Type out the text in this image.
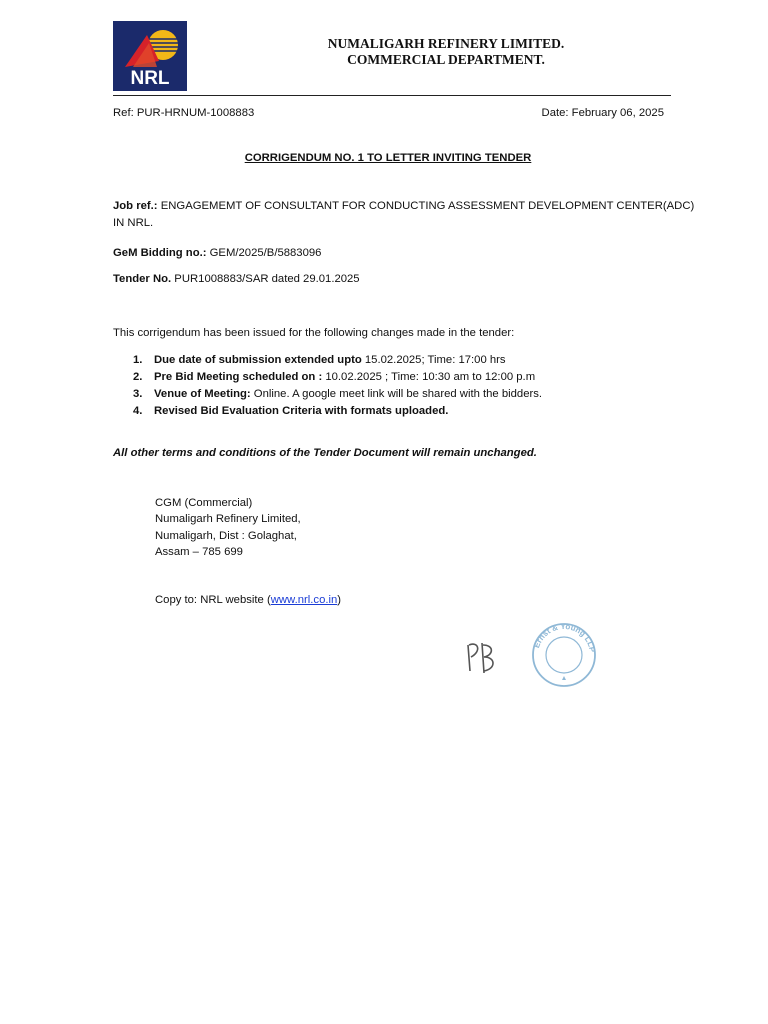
NRL
NUMALIGARH REFINERY LIMITED.
COMMERCIAL DEPARTMENT.
Ref: PUR-HRNUM-1008883	Date: February 06, 2025
CORRIGENDUM NO. 1 TO LETTER INVITING TENDER
Job ref.: ENGAGEMEMT OF CONSULTANT FOR CONDUCTING ASSESSMENT DEVELOPMENT CENTER(ADC)
IN NRL.
GeM Bidding no.: GEM/2025/B/5883096
Tender No. PUR1008883/SAR dated 29.01.2025
This corrigendum has been issued for the following changes made in the tender:
1. Due date of submission extended upto 15.02.2025; Time: 17:00 hrs
2. Pre Bid Meeting scheduled on : 10.02.2025 ; Time: 10:30 am to 12:00 p.m
3. Venue of Meeting: Online. A google meet link will be shared with the bidders.
4. Revised Bid Evaluation Criteria with formats uploaded.
All other terms and conditions of the Tender Document will remain unchanged.
CGM (Commercial)
Numaligarh Refinery Limited,
Numaligarh, Dist : Golaghat,
Assam – 785 699
Copy to: NRL website (www.nrl.co.in)
Ernst & Young LLP
